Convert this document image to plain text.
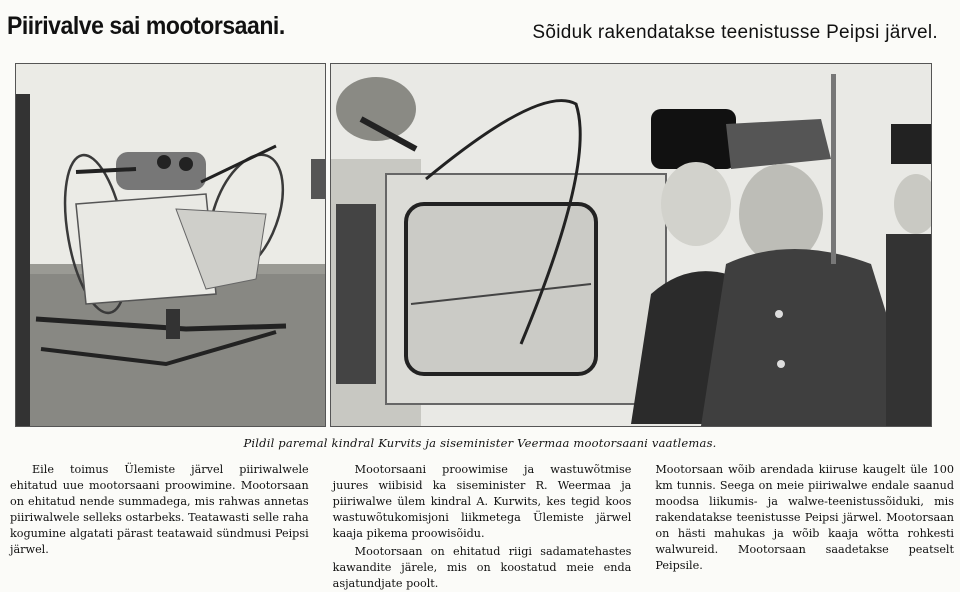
Piirivalve sai mootorsaani.	Sõiduk rakendatakse teenistusse Peipsi järvel.
Pildil paremal kindral Kurvits ja siseminister Veermaa mootorsaani vaatlemas.

Eile toimus Ülemiste järvel piiriwalwele ehitatud uue mootorsaani proowimine. Mootorsaan on ehitatud nende summadega, mis rahwas annetas piiriwalwele selleks ostarbeks. Teatawasti selle raha kogumine algatati pärast teatawaid sündmusi Peipsi järwel.

Mootorsaani proowimise ja wastuwõtmise juures wiibisid ka siseminister R. Weermaa ja piiriwalwe ülem kindral A. Kurwits, kes tegid koos wastuwõtukomisjoni liikmetega Ülemiste järwel kaaja pikema proowisõidu.

Mootorsaan on ehitatud riigi sadamatehastes kawandite järele, mis on koostatud meie enda asjatundjate poolt.

Mootorsaan wõib arendada kiiruse kaugelt üle 100 km tunnis. Seega on meie piiriwalwe endale saanud moodsa liikumis- ja walwe-teenistussõiduki, mis rakendatakse teenistusse Peipsi järwel. Mootorsaan on hästi mahukas ja wõib kaaja wõtta rohkesti walwureid. Mootorsaan saadetakse peatselt Peipsile.
